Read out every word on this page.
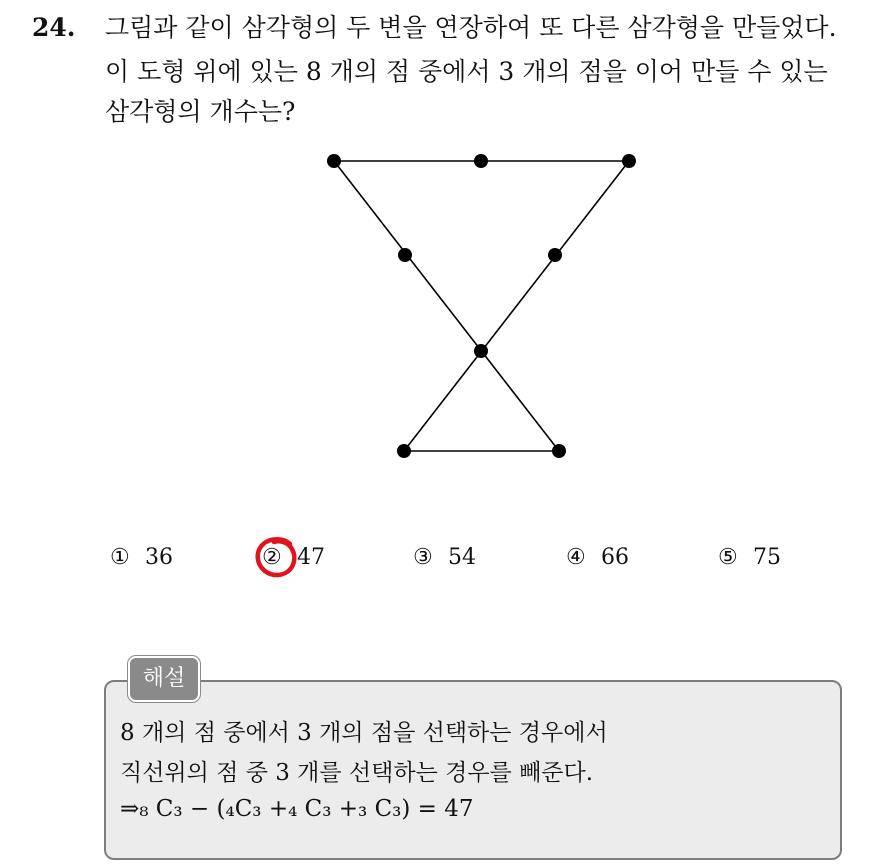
24. 그림과 같이 삼각형의 두 변을 연장하여 또 다른 삼각형을 만들었다.
이 도형 위에 있는 8 개의 점 중에서 3 개의 점을 이어 만들 수 있는
삼각형의 개수는?
① 36	② 47	③ 54	④ 66	⑤ 75
해설
8 개의 점 중에서 3 개의 점을 선택하는 경우에서
직선위의 점 중 3 개를 선택하는 경우를 빼준다.
⇒₈ C₃ − (₄C₃ +₄ C₃ +₃ C₃) = 47
